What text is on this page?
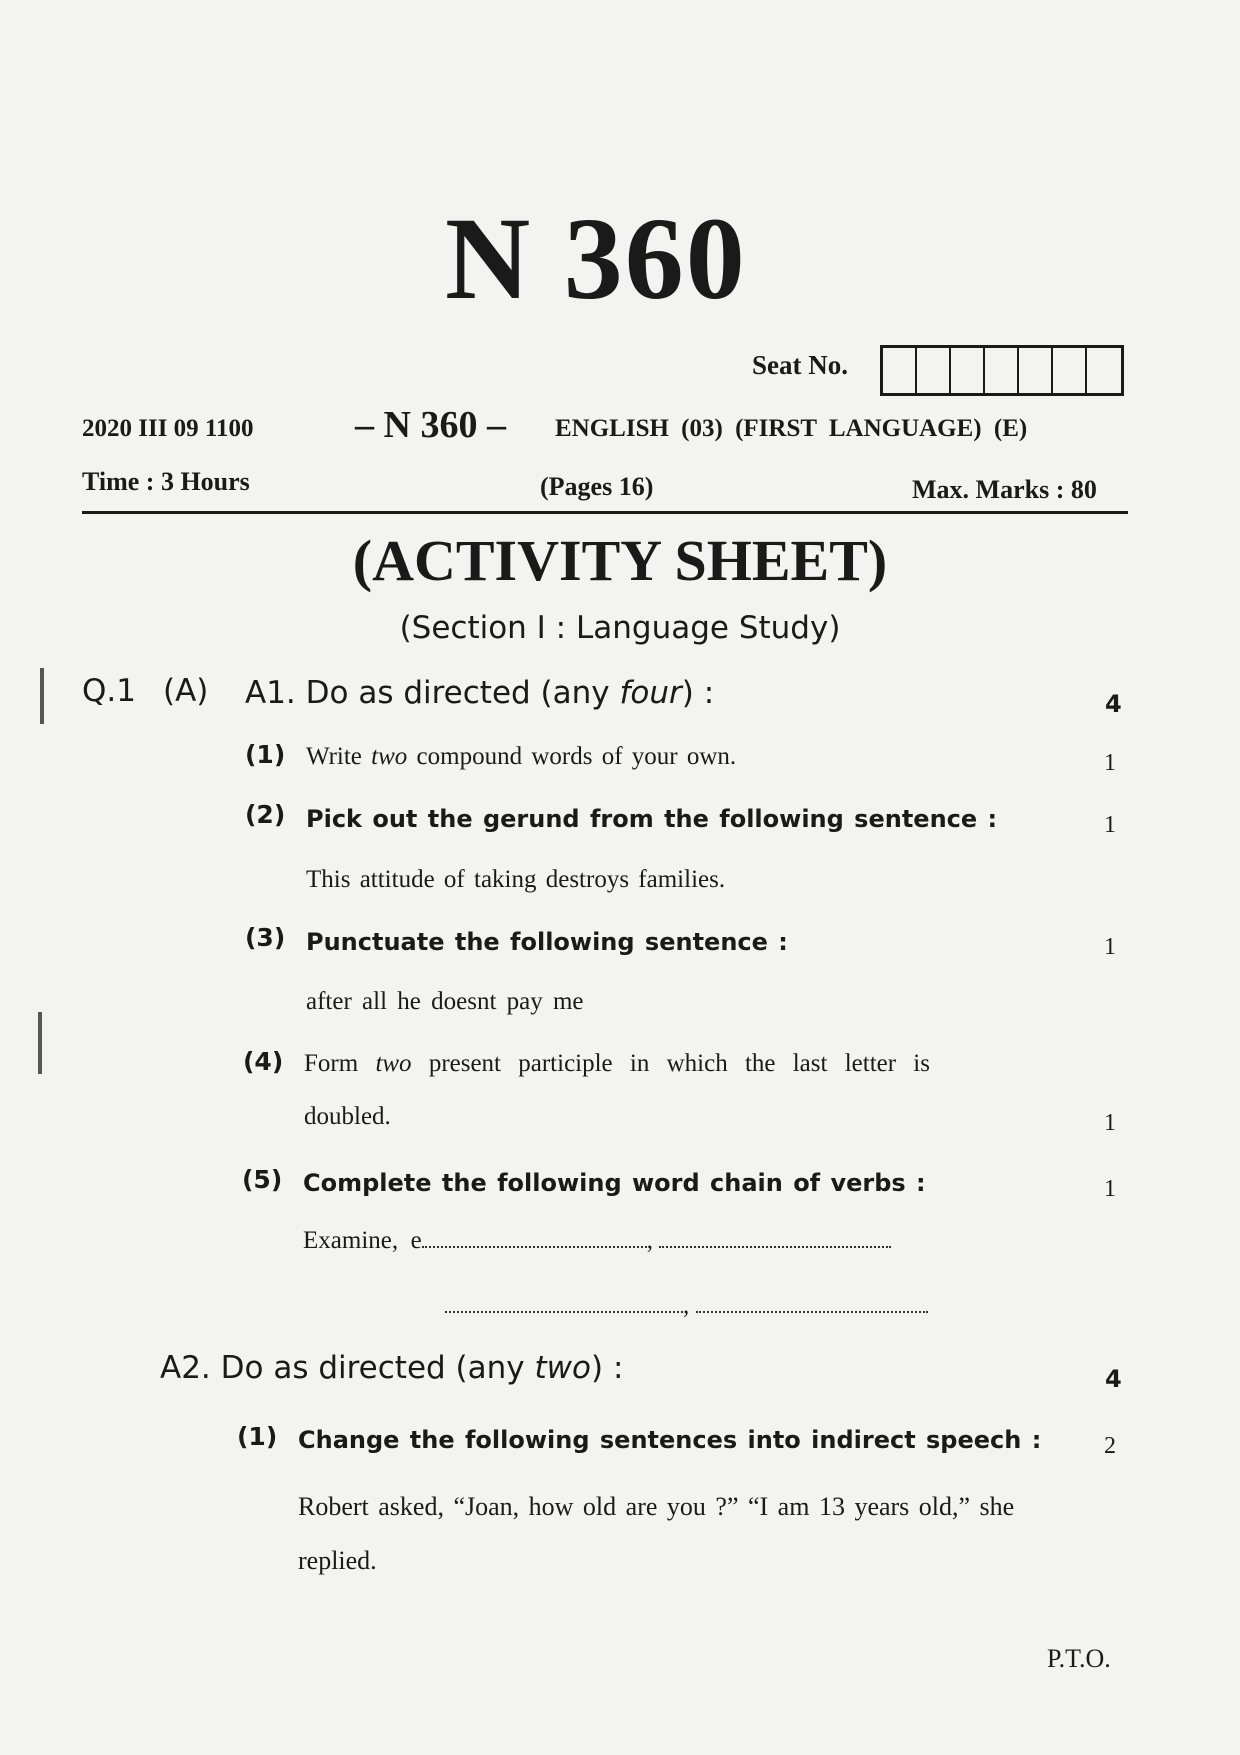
N 360
Seat No.
2020 III 09 1100	– N 360 – ENGLISH (03) (FIRST LANGUAGE) (E)
Time : 3 Hours	(Pages 16)	Max. Marks : 80
(ACTIVITY SHEET)
(Section I : Language Study)
Q.1 (A) A1. Do as directed (any four) :	4
(1) Write two compound words of your own.	1
(2) Pick out the gerund from the following sentence :	1
This attitude of taking destroys families.
(3) Punctuate the following sentence :	1
after all he doesnt pay me
(4) Form two present participle in which the last letter is
doubled.	1
(5) Complete the following word chain of verbs :	1
Examine, e	,
,
A2. Do as directed (any two) :	4
(1) Change the following sentences into indirect speech :	2
Robert asked, “Joan, how old are you ?” “I am 13 years old,” she
replied.
P.T.O.
